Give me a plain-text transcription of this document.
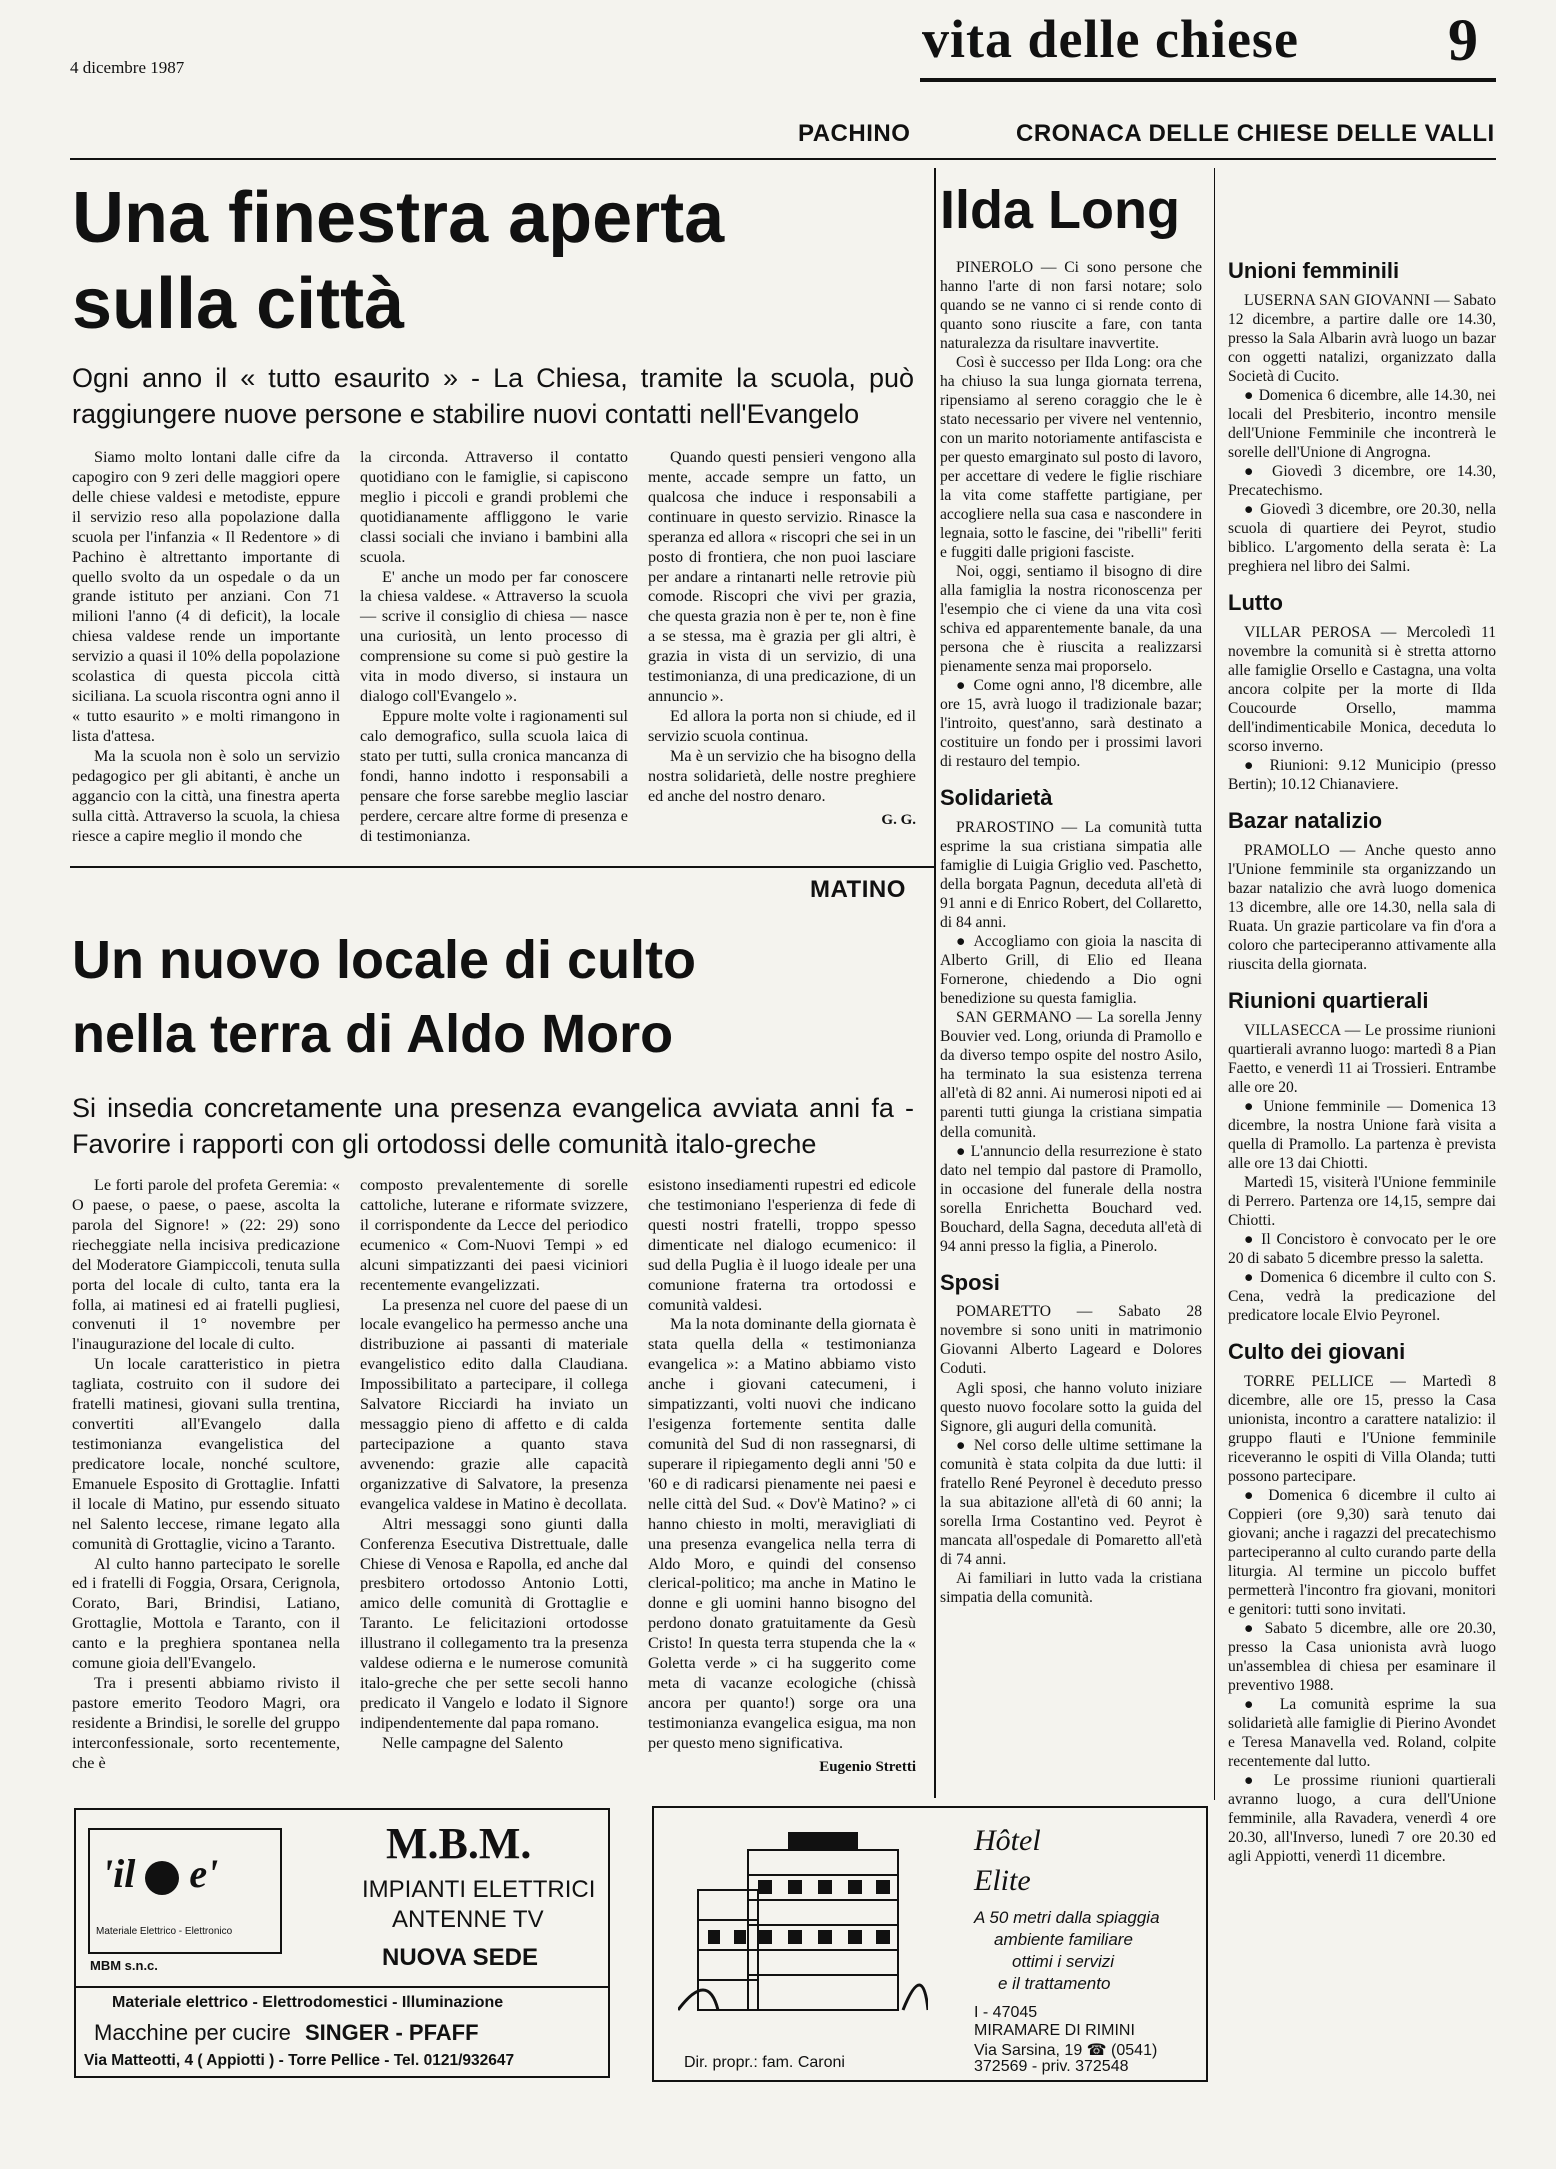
4 dicembre 1987	vita delle chiese 9
PACHINO	CRONACA DELLE CHIESE DELLE VALLI
Una finestra aperta
sulla città
Ogni anno il « tutto esaurito » - La Chiesa, tramite la scuola, può raggiungere nuove persone e stabilire nuovi contatti nell'Evangelo

Siamo molto lontani dalle cifre da capogiro con 9 zeri delle maggiori opere delle chiese valdesi e metodiste, eppure il servizio reso alla popolazione dalla scuola per l'infanzia « Il Redentore » di Pachino è altrettanto importante di quello svolto da un ospedale o da un grande istituto per anziani. Con 71 milioni l'anno (4 di deficit), la locale chiesa valdese rende un importante servizio a quasi il 10% della popolazione scolastica di questa piccola città siciliana. La scuola riscontra ogni anno il « tutto esaurito » e molti rimangono in lista d'attesa.

Ma la scuola non è solo un servizio pedagogico per gli abitanti, è anche un aggancio con la città, una finestra aperta sulla città. Attraverso la scuola, la chiesa riesce a capire meglio il mondo che

la circonda. Attraverso il contatto quotidiano con le famiglie, si capiscono meglio i piccoli e grandi problemi che quotidianamente affliggono le varie classi sociali che inviano i bambini alla scuola.

E' anche un modo per far conoscere la chiesa valdese. « Attraverso la scuola — scrive il consiglio di chiesa — nasce una curiosità, un lento processo di comprensione su come si può gestire la vita in modo diverso, si instaura un dialogo coll'Evangelo ».

Eppure molte volte i ragionamenti sul calo demografico, sulla scuola laica di stato per tutti, sulla cronica mancanza di fondi, hanno indotto i responsabili a pensare che forse sarebbe meglio lasciar perdere, cercare altre forme di presenza e di testimonianza.

Quando questi pensieri vengono alla mente, accade sempre un fatto, un qualcosa che induce i responsabili a continuare in questo servizio. Rinasce la speranza ed allora « riscopri che sei in un posto di frontiera, che non puoi lasciare per andare a rintanarti nelle retrovie più comode. Riscopri che vivi per grazia, che questa grazia non è per te, non è fine a se stessa, ma è grazia per gli altri, è grazia in vista di un servizio, di una testimonianza, di una predicazione, di un annuncio ».

Ed allora la porta non si chiude, ed il servizio scuola continua.

Ma è un servizio che ha bisogno della nostra solidarietà, delle nostre preghiere ed anche del nostro denaro.

G. G.
MATINO
Un nuovo locale di culto
nella terra di Aldo Moro
Si insedia concretamente una presenza evangelica avviata anni fa - Favorire i rapporti con gli ortodossi delle comunità italo-greche

Le forti parole del profeta Geremia: « O paese, o paese, o paese, ascolta la parola del Signore! » (22: 29) sono riecheggiate nella incisiva predicazione del Moderatore Giampiccoli, tenuta sulla porta del locale di culto, tanta era la folla, ai matinesi ed ai fratelli pugliesi, convenuti il 1° novembre per l'inaugurazione del locale di culto.

Un locale caratteristico in pietra tagliata, costruito con il sudore dei fratelli matinesi, giovani sulla trentina, convertiti all'Evangelo dalla testimonianza evangelistica del predicatore locale, nonché scultore, Emanuele Esposito di Grottaglie. Infatti il locale di Matino, pur essendo situato nel Salento leccese, rimane legato alla comunità di Grottaglie, vicino a Taranto.

Al culto hanno partecipato le sorelle ed i fratelli di Foggia, Orsara, Cerignola, Corato, Bari, Brindisi, Latiano, Grottaglie, Mottola e Taranto, con il canto e la preghiera spontanea nella comune gioia dell'Evangelo.

Tra i presenti abbiamo rivisto il pastore emerito Teodoro Magri, ora residente a Brindisi, le sorelle del gruppo interconfessionale, sorto recentemente, che è

composto prevalentemente di sorelle cattoliche, luterane e riformate svizzere, il corrispondente da Lecce del periodico ecumenico « Com-Nuovi Tempi » ed alcuni simpatizzanti dei paesi viciniori recentemente evangelizzati.

La presenza nel cuore del paese di un locale evangelico ha permesso anche una distribuzione ai passanti di materiale evangelistico edito dalla Claudiana. Impossibilitato a partecipare, il collega Salvatore Ricciardi ha inviato un messaggio pieno di affetto e di calda partecipazione a quanto stava avvenendo: grazie alle capacità organizzative di Salvatore, la presenza evangelica valdese in Matino è decollata.

Altri messaggi sono giunti dalla Conferenza Esecutiva Distrettuale, dalle Chiese di Venosa e Rapolla, ed anche dal presbitero ortodosso Antonio Lotti, amico delle comunità di Grottaglie e Taranto. Le felicitazioni ortodosse illustrano il collegamento tra la presenza valdese odierna e le numerose comunità italo-greche che per sette secoli hanno predicato il Vangelo e lodato il Signore indipendentemente dal papa romano.

Nelle campagne del Salento

esistono insediamenti rupestri ed edicole che testimoniano l'esperienza di fede di questi nostri fratelli, troppo spesso dimenticate nel dialogo ecumenico: il sud della Puglia è il luogo ideale per una comunione fraterna tra ortodossi e comunità valdesi.

Ma la nota dominante della giornata è stata quella della « testimonianza evangelica »: a Matino abbiamo visto anche i giovani catecumeni, i simpatizzanti, volti nuovi che indicano l'esigenza fortemente sentita dalle comunità del Sud di non rassegnarsi, di superare il ripiegamento degli anni '50 e '60 e di radicarsi pienamente nei paesi e nelle città del Sud. « Dov'è Matino? » ci hanno chiesto in molti, meravigliati di una presenza evangelica nella terra di Aldo Moro, e quindi del consenso clerical-politico; ma anche in Matino le donne e gli uomini hanno bisogno del perdono donato gratuitamente da Gesù Cristo! In questa terra stupenda che la « Goletta verde » ci ha suggerito come meta di vacanze ecologiche (chissà ancora per quanto!) sorge ora una testimonianza evangelica esigua, ma non per questo meno significativa.

Eugenio Stretti
Ilda Long

PINEROLO — Ci sono persone che hanno l'arte di non farsi notare; solo quando se ne vanno ci si rende conto di quanto sono riuscite a fare, con tanta naturalezza da risultare inavvertite.

Così è successo per Ilda Long: ora che ha chiuso la sua lunga giornata terrena, ripensiamo al sereno coraggio che le è stato necessario per vivere nel ventennio, con un marito notoriamente antifascista e per questo emarginato sul posto di lavoro, per accettare di vedere le figlie rischiare la vita come staffette partigiane, per accogliere nella sua casa e nascondere in legnaia, sotto le fascine, dei "ribelli" feriti e fuggiti dalle prigioni fasciste.

Noi, oggi, sentiamo il bisogno di dire alla famiglia la nostra riconoscenza per l'esempio che ci viene da una vita così schiva ed apparentemente banale, da una persona che è riuscita a realizzarsi pienamente senza mai proporselo.

● Come ogni anno, l'8 dicembre, alle ore 15, avrà luogo il tradizionale bazar; l'introito, quest'anno, sarà destinato a costituire un fondo per i prossimi lavori di restauro del tempio.

Solidarietà

PRAROSTINO — La comunità tutta esprime la sua cristiana simpatia alle famiglie di Luigia Griglio ved. Paschetto, della borgata Pagnun, deceduta all'età di 91 anni e di Enrico Robert, del Collaretto, di 84 anni.

● Accogliamo con gioia la nascita di Alberto Grill, di Elio ed Ileana Fornerone, chiedendo a Dio ogni benedizione su questa famiglia.

SAN GERMANO — La sorella Jenny Bouvier ved. Long, oriunda di Pramollo e da diverso tempo ospite del nostro Asilo, ha terminato la sua esistenza terrena all'età di 82 anni. Ai numerosi nipoti ed ai parenti tutti giunga la cristiana simpatia della comunità.

● L'annuncio della resurrezione è stato dato nel tempio dal pastore di Pramollo, in occasione del funerale della nostra sorella Enrichetta Bouchard ved. Bouchard, della Sagna, deceduta all'età di 94 anni presso la figlia, a Pinerolo.

Sposi

POMARETTO — Sabato 28 novembre si sono uniti in matrimonio Giovanni Alberto Lageard e Dolores Coduti.

Agli sposi, che hanno voluto iniziare questo nuovo focolare sotto la guida del Signore, gli auguri della comunità.

● Nel corso delle ultime settimane la comunità è stata colpita da due lutti: il fratello René Peyronel è deceduto presso la sua abitazione all'età di 60 anni; la sorella Irma Costantino ved. Peyrot è mancata all'ospedale di Pomaretto all'età di 74 anni.

Ai familiari in lutto vada la cristiana simpatia della comunità.

Unioni femminili

LUSERNA SAN GIOVANNI — Sabato 12 dicembre, a partire dalle ore 14.30, presso la Sala Albarin avrà luogo un bazar con oggetti natalizi, organizzato dalla Società di Cucito.

● Domenica 6 dicembre, alle 14.30, nei locali del Presbiterio, incontro mensile dell'Unione Femminile che incontrerà le sorelle dell'Unione di Angrogna.

● Giovedì 3 dicembre, ore 14.30, Precatechismo.

● Giovedì 3 dicembre, ore 20.30, nella scuola di quartiere dei Peyrot, studio biblico. L'argomento della serata è: La preghiera nel libro dei Salmi.

Lutto

VILLAR PEROSA — Mercoledì 11 novembre la comunità si è stretta attorno alle famiglie Orsello e Castagna, una volta ancora colpite per la morte di Ilda Coucourde Orsello, mamma dell'indimenticabile Monica, deceduta lo scorso inverno.

● Riunioni: 9.12 Municipio (presso Bertin); 10.12 Chianaviere.

Bazar natalizio

PRAMOLLO — Anche questo anno l'Unione femminile sta organizzando un bazar natalizio che avrà luogo domenica 13 dicembre, alle ore 14.30, nella sala di Ruata. Un grazie particolare va fin d'ora a coloro che parteciperanno attivamente alla riuscita della giornata.

Riunioni quartierali

VILLASECCA — Le prossime riunioni quartierali avranno luogo: martedì 8 a Pian Faetto, e venerdì 11 ai Trossieri. Entrambe alle ore 20.

● Unione femminile — Domenica 13 dicembre, la nostra Unione farà visita a quella di Pramollo. La partenza è prevista alle ore 13 dai Chiotti.

Martedì 15, visiterà l'Unione femminile di Perrero. Partenza ore 14,15, sempre dai Chiotti.

● Il Concistoro è convocato per le ore 20 di sabato 5 dicembre presso la saletta.

● Domenica 6 dicembre il culto con S. Cena, vedrà la predicazione del predicatore locale Elvio Peyronel.

Culto dei giovani

TORRE PELLICE — Martedì 8 dicembre, alle ore 15, presso la Casa unionista, incontro a carattere natalizio: il gruppo flauti e l'Unione femminile riceveranno le ospiti di Villa Olanda; tutti possono partecipare.

● Domenica 6 dicembre il culto ai Coppieri (ore 9,30) sarà tenuto dai giovani; anche i ragazzi del precatechismo parteciperanno al culto curando parte della liturgia. Al termine un piccolo buffet permetterà l'incontro fra giovani, monitori e genitori: tutti sono invitati.

● Sabato 5 dicembre, alle ore 20.30, presso la Casa unionista avrà luogo un'assemblea di chiesa per esaminare il preventivo 1988.

● La comunità esprime la sua solidarietà alle famiglie di Pierino Avondet e Teresa Manavella ved. Roland, colpite recentemente dal lutto.

● Le prossime riunioni quartierali avranno luogo, a cura dell'Unione femminile, alla Ravadera, venerdì 4 ore 20.30, all'Inverso, lunedì 7 ore 20.30 ed agli Appiotti, venerdì 11 dicembre.

'il e'
Materiale Elettrico - Elettronico
MBM s.n.c.
M.B.M.
IMPIANTI ELETTRICI
ANTENNE TV
NUOVA SEDE
Materiale elettrico - Elettrodomestici - Illuminazione
Macchine per cucire SINGER - PFAFF
Via Matteotti, 4 ( Appiotti ) - Torre Pellice - Tel. 0121/932647
Hotel ELITE
Hôtel
Elite
A 50 metri dalla spiaggia
ambiente familiare
ottimi i servizi
e il trattamento
I - 47045
MIRAMARE DI RIMINI
Via Sarsina, 19 ☎ (0541)
372569 - priv. 372548
Dir. propr.: fam. Caroni
